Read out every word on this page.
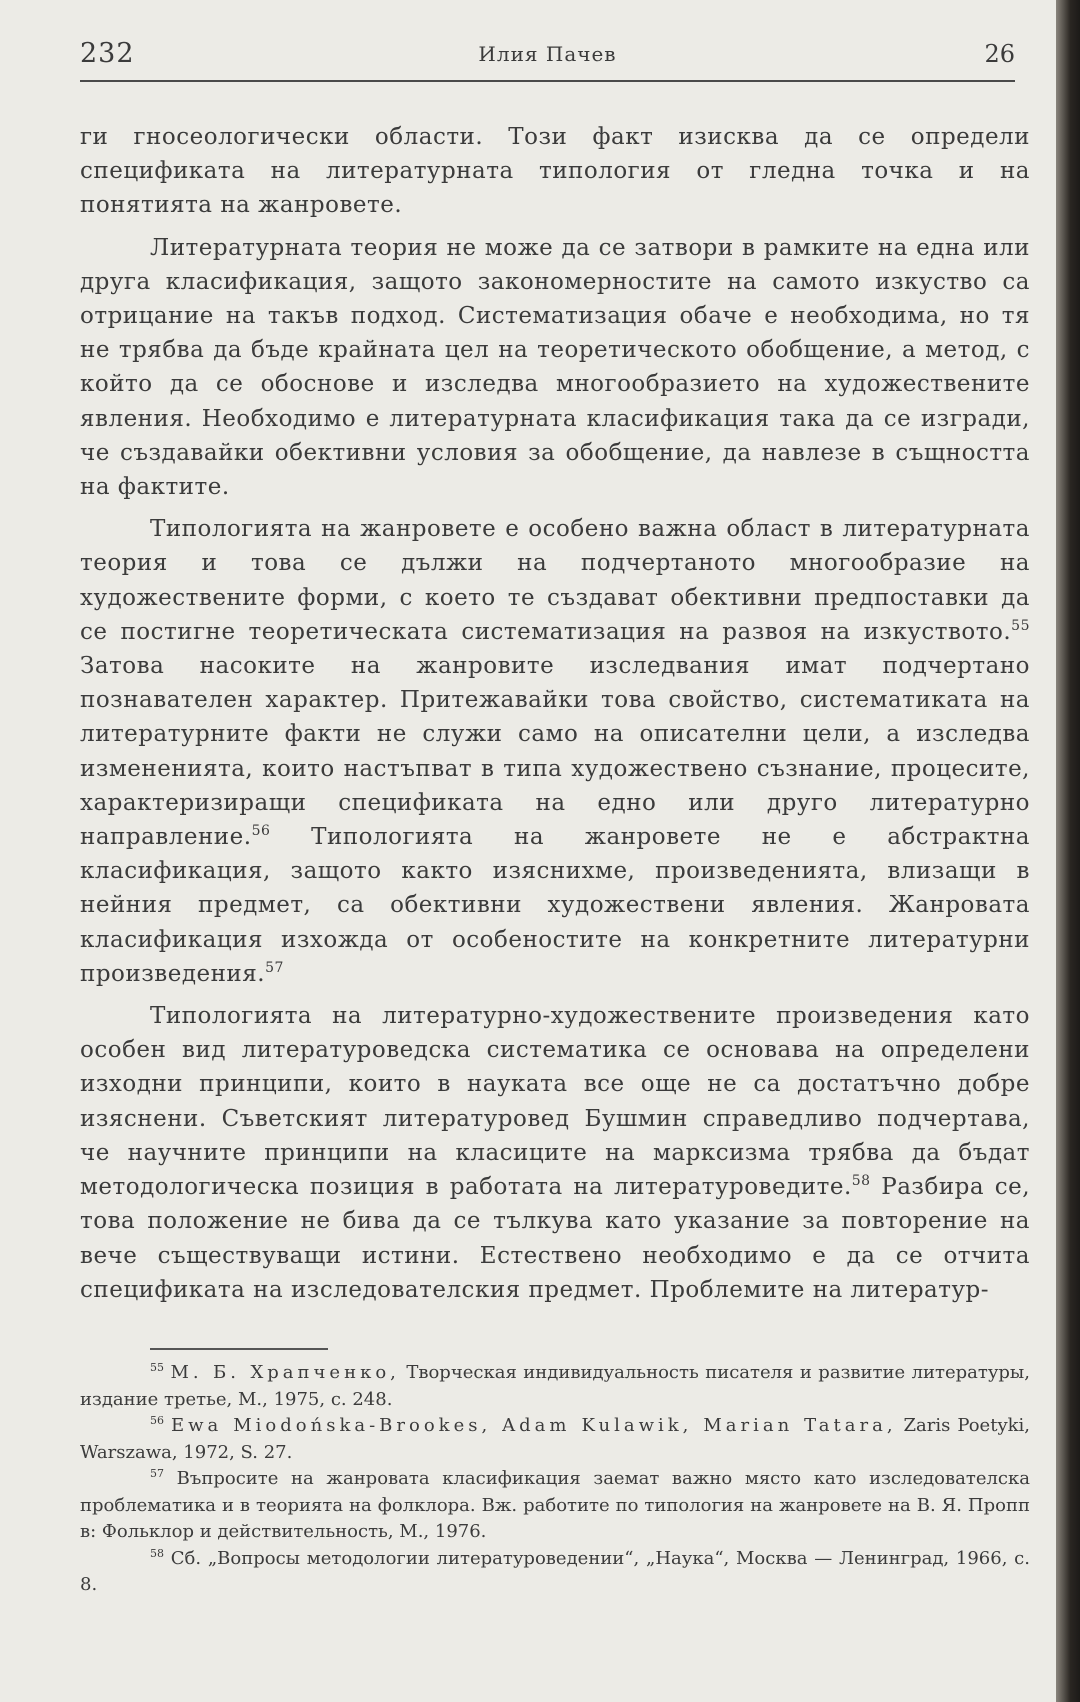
232	Илия Пачев	26

ги гносеологически области. Този факт изисква да се определи спецификата на литературната типология от гледна точка и на понятията на жанровете.

Литературната теория не може да се затвори в рамките на една или друга класификация, защото закономерностите на самото изкуство са отрицание на такъв подход. Систематизация обаче е необходима, но тя не трябва да бъде крайната цел на теоретическото обобщение, а метод, с който да се обоснове и изследва многообразието на художествените явления. Необходимо е литературната класификация така да се изгради, че създавайки обективни условия за обобщение, да навлезе в същността на фактите.

Типологията на жанровете е особено важна област в литературната теория и това се дължи на подчертаното многообразие на художествените форми, с което те създават обективни предпоставки да се постигне теоретическата систематизация на развоя на изкуството.$^{55}$ Затова насоките на жанровите изследвания имат подчертано познавателен характер. Притежавайки това свойство, систематиката на литературните факти не служи само на описателни цели, а изследва измененията, които настъпват в типа художествено съзнание, процесите, характеризиращи спецификата на едно или друго литературно направление.$^{56}$ Типологията на жанровете не е абстрактна класификация, защото както изяснихме, произведенията, влизащи в нейния предмет, са обективни художествени явления. Жанровата класификация изхожда от особеностите на конкретните литературни произведения.$^{57}$

Типологията на литературно-художествените произведения като особен вид литературоведска систематика се основава на определени изходни принципи, които в науката все още не са достатъчно добре изяснени. Съветският литературовед Бушмин справедливо подчертава, че научните принципи на класиците на марксизма трябва да бъдат методологическа позиция в работата на литературоведите.$^{58}$ Разбира се, това положение не бива да се тълкува като указание за повторение на вече съществуващи истини. Естествено необходимо е да се отчита спецификата на изследователския предмет. Проблемите на литератур-

$^{55}$ М. Б. Храпченко, Творческая индивидуальность писателя и развитие литературы, издание третье, М., 1975, с. 248.

$^{56}$ Ewa Miodońska-Brookes, Adam Kulawik, Marian Tatara, Zaris Poetyki, Warszawa, 1972, S. 27.

$^{57}$ Въпросите на жанровата класификация заемат важно място като изследователска проблематика и в теорията на фолклора. Вж. работите по типология на жанровете на В. Я. Пропп в: Фольклор и действительность, М., 1976.

$^{58}$ Сб. „Вопросы методологии литературоведении“, „Наука“, Москва — Ленинград, 1966, с. 8.
